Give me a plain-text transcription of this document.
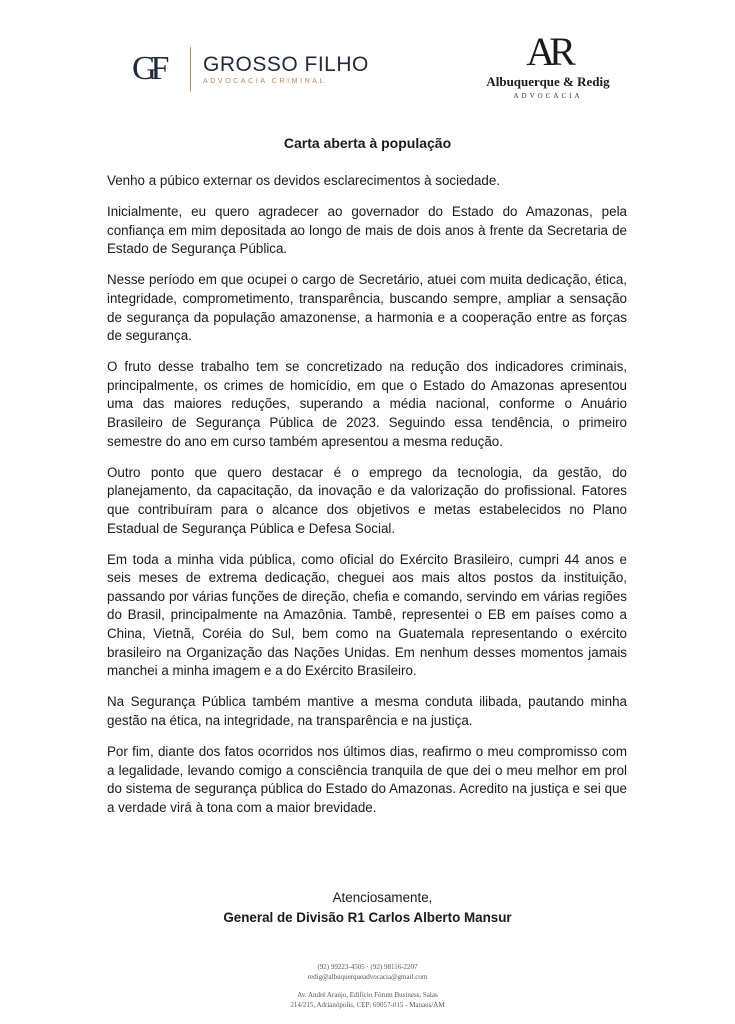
GF	GROSSO FILHO
ADVOCACIA CRIMINAL
AR
Albuquerque & Redig
ADVOCACIA
Carta aberta à população

Venho a púbico externar os devidos esclarecimentos à sociedade.

Inicialmente, eu quero agradecer ao governador do Estado do Amazonas, pela confiança em mim depositada ao longo de mais de dois anos à frente da Secretaria de Estado de Segurança Pública.

Nesse período em que ocupei o cargo de Secretário, atuei com muita dedicação, ética, integridade, comprometimento, transparência, buscando sempre, ampliar a sensação de segurança da população amazonense, a harmonia e a cooperação entre as forças de segurança.

O fruto desse trabalho tem se concretizado na redução dos indicadores criminais, principalmente, os crimes de homicídio, em que o Estado do Amazonas apresentou uma das maiores reduções, superando a média nacional, conforme o Anuário Brasileiro de Segurança Pública de 2023. Seguindo essa tendência, o primeiro semestre do ano em curso também apresentou a mesma redução.

Outro ponto que quero destacar é o emprego da tecnologia, da gestão, do planejamento, da capacitação, da inovação e da valorização do profissional. Fatores que contribuíram para o alcance dos objetivos e metas estabelecidos no Plano Estadual de Segurança Pública e Defesa Social.

Em toda a minha vida pública, como oficial do Exército Brasileiro, cumpri 44 anos e seis meses de extrema dedicação, cheguei aos mais altos postos da instituição, passando por várias funções de direção, chefia e comando, servindo em várias regiões do Brasil, principalmente na Amazônia. Tambê, representei o EB em países como a China, Vietnã, Coréia do Sul, bem como na Guatemala representando o exército brasileiro na Organização das Nações Unidas. Em nenhum desses momentos jamais manchei a minha imagem e a do Exército Brasileiro.

Na Segurança Pública também mantive a mesma conduta ilibada, pautando minha gestão na ética, na integridade, na transparência e na justiça.

Por fim, diante dos fatos ocorridos nos últimos dias, reafirmo o meu compromisso com a legalidade, levando comigo a consciência tranquila de que dei o meu melhor em prol do sistema de segurança pública do Estado do Amazonas. Acredito na justiça e sei que a verdade virá à tona com a maior brevidade.

Atenciosamente,
General de Divisão R1 Carlos Alberto Mansur
(92) 99223-4505 · (92) 98116-2207
redig@albuquerqueadvocacia@gmail.com
Av. André Araújo, Edifício Fórum Business, Salas
214/215, Adrianópolis, CEP: 69057-015 - Manaus/AM
